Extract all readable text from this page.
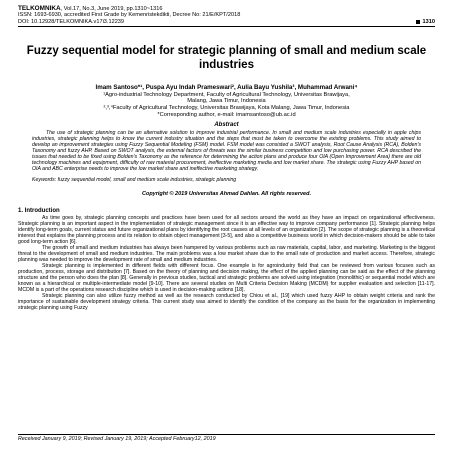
TELKOMNIKA, Vol.17, No.3, June 2019, pp.1310~1316
ISSN: 1693-6930, accredited First Grade by Kemenristekdikti, Decree No: 21/E/KPT/2018
DOI: 10.12928/TELKOMNIKA.v17i3.12239	1310
Fuzzy sequential model for strategic planning of small and medium scale industries
Imam Santoso*¹, Puspa Ayu Indah Prameswari², Aulia Bayu Yushila³, Muhammad Arwani⁴
¹Agro-industrial Technology Department, Faculty of Agricultural Technology, Universitas Brawijaya,
Malang, Jawa Timur, Indonesia
²,³,⁴Faculty of Agricultural Technology, Universitas Brawijaya, Kota Malang, Jawa Timur, Indonesia
*Corresponding author, e-mail: imamsantoso@ub.ac.id
Abstract

The use of strategic planning can be an alternative solution to improve industrial performance. In small and medium scale industries especially in apple chips industries, strategic planning helps to know the current industry situation and the steps that must be taken to overcome the existing problems. This study aimed to develop an improvement strategies using Fuzzy Sequential Modeling (FSM) model. FSM model was consisted a SWOT analysis, Root Cause Analysis (RCA), Bolden's Taxonomy and fuzzy AHP. Based on SWOT analysis, the external factors of threats was the similar business competition and low purchasing power. RCA described the issues that needed to be fixed using Bolden's Taxonomy as the reference for determining the action plans and produce four OIA (Open Improvement Area) there are old technology machines and equipment, difficulty of raw material procurement, ineffective marketing media and low market share. The strategic using Fuzzy AHP based on OIA and ABC enterprise needs to improve the low market share and ineffective marketing strategy.

Keywords: fuzzy sequential model, small and medium scale industries, strategic planning
Copyright © 2019 Universitas Ahmad Dahlan. All rights reserved.
1. Introduction

As time goes by, strategic planning concepts and practices have been used for all sectors around the world as they have an impact on organizational effectiveness. Strategic planning is an important aspect in the implementation of strategic management since it is an effective way to improve company performance [1]. Strategic planning helps identify long-term goals, current status and future organizational plans by identifying the root causes at all levels of an organization [2]. The scope of strategic planning is a theoretical interest that explains the planning process and its relation to obtain object management [3-5], and also a competitive business world in which decision-makers should be able to take good long-term action [6].

The growth of small and medium industries has always been hampered by various problems such as raw materials, capital, labor, and marketing. Marketing is the biggest threat to the development of small and medium industries. The main problems was a low market share due to the small rate of production and market access. Therefore, strategic planning was needed to improve the development rate of small and medium industries.

Strategic planning is implemented in different fields with different focus. One example is for agroindustry field that can be reviewed from various focuses such as production, process, storage and distribution [7]. Based on the theory of planning and decision making, the effect of the applied planning can be said as the effect of the planning structure and the person who does the plan [8]. Generally in previous studies, tactical and strategic problems are solved using integration (monolithic) or sequential model which are known as a hierarchical or multiple-intermediate model [9-10]. There are several studies on Multi Criteria Decision Making (MCDM) for supplier evaluation and selection [11-17]. MCDM is a part of the operations research discipline which is used in decision-making actions [18].

Strategic planning can also utilize fuzzy method as well as the research conducted by Chiou et al., [19] which used fuzzy AHP to obtain weight criteria and rank the importance of sustainable development strategy criteria. This current study was aimed to identify the condition of the company as the basis for the organization in implementing strategic planning using Fuzzy

Received January 9, 2019; Revised January 19, 2019; Accepted February12, 2019
